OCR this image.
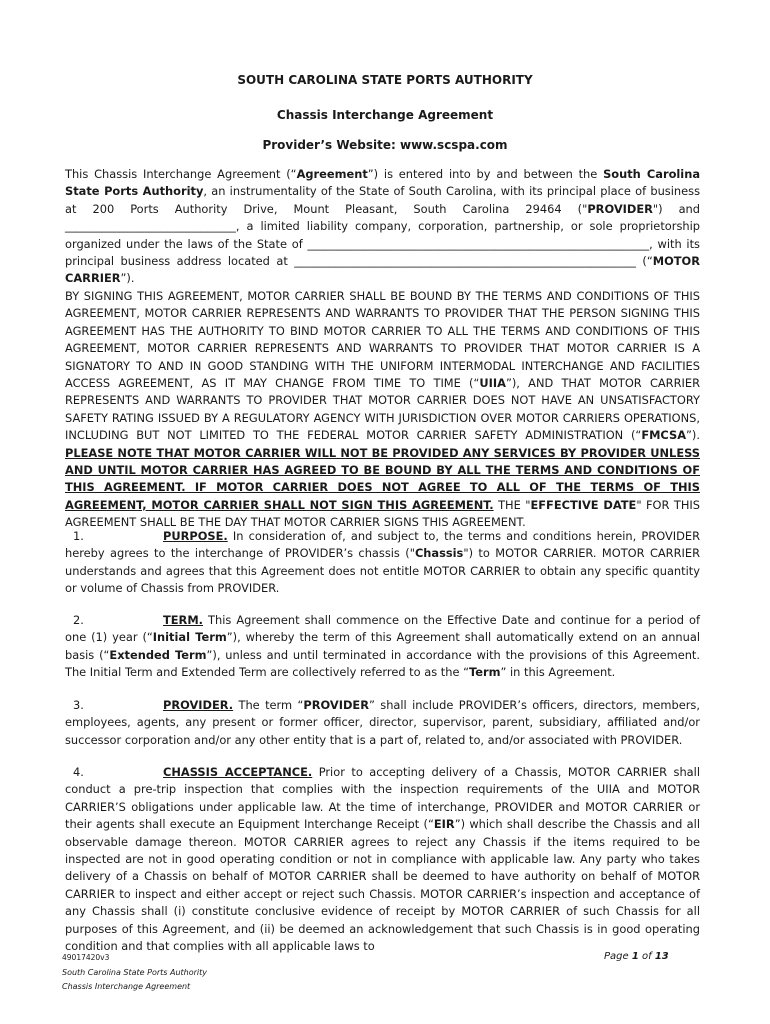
SOUTH CAROLINA STATE PORTS AUTHORITY
Chassis Interchange Agreement
Provider’s Website: www.scspa.com

This Chassis Interchange Agreement (“Agreement”) is entered into by and between the South Carolina State Ports Authority, an instrumentality of the State of South Carolina, with its principal place of business at 200 Ports Authority Drive, Mount Pleasant, South Carolina 29464 ("PROVIDER") and ______________________________, a limited liability company, corporation, partnership, or sole proprietorship organized under the laws of the State of ____________________________________________________________, with its principal business address located at ____________________________________________________________ (“MOTOR CARRIER”).

BY SIGNING THIS AGREEMENT, MOTOR CARRIER SHALL BE BOUND BY THE TERMS AND CONDITIONS OF THIS AGREEMENT, MOTOR CARRIER REPRESENTS AND WARRANTS TO PROVIDER THAT THE PERSON SIGNING THIS AGREEMENT HAS THE AUTHORITY TO BIND MOTOR CARRIER TO ALL THE TERMS AND CONDITIONS OF THIS AGREEMENT, MOTOR CARRIER REPRESENTS AND WARRANTS TO PROVIDER THAT MOTOR CARRIER IS A SIGNATORY TO AND IN GOOD STANDING WITH THE UNIFORM INTERMODAL INTERCHANGE AND FACILITIES ACCESS AGREEMENT, AS IT MAY CHANGE FROM TIME TO TIME (“UIIA”), AND THAT MOTOR CARRIER REPRESENTS AND WARRANTS TO PROVIDER THAT MOTOR CARRIER DOES NOT HAVE AN UNSATISFACTORY SAFETY RATING ISSUED BY A REGULATORY AGENCY WITH JURISDICTION OVER MOTOR CARRIERS OPERATIONS, INCLUDING BUT NOT LIMITED TO THE FEDERAL MOTOR CARRIER SAFETY ADMINISTRATION (“FMCSA”). PLEASE NOTE THAT MOTOR CARRIER WILL NOT BE PROVIDED ANY SERVICES BY PROVIDER UNLESS AND UNTIL MOTOR CARRIER HAS AGREED TO BE BOUND BY ALL THE TERMS AND CONDITIONS OF THIS AGREEMENT. IF MOTOR CARRIER DOES NOT AGREE TO ALL OF THE TERMS OF THIS AGREEMENT, MOTOR CARRIER SHALL NOT SIGN THIS AGREEMENT. THE "EFFECTIVE DATE" FOR THIS AGREEMENT SHALL BE THE DAY THAT MOTOR CARRIER SIGNS THIS AGREEMENT.

1.	PURPOSE. In consideration of, and subject to, the terms and conditions herein, PROVIDER hereby agrees to the interchange of PROVIDER’s chassis ("Chassis") to MOTOR CARRIER. MOTOR CARRIER understands and agrees that this Agreement does not entitle MOTOR CARRIER to obtain any specific quantity or volume of Chassis from PROVIDER.

2.	TERM. This Agreement shall commence on the Effective Date and continue for a period of one (1) year (“Initial Term”), whereby the term of this Agreement shall automatically extend on an annual basis (“Extended Term”), unless and until terminated in accordance with the provisions of this Agreement. The Initial Term and Extended Term are collectively referred to as the “Term” in this Agreement.

3.	PROVIDER. The term “PROVIDER” shall include PROVIDER’s officers, directors, members, employees, agents, any present or former officer, director, supervisor, parent, subsidiary, affiliated and/or successor corporation and/or any other entity that is a part of, related to, and/or associated with PROVIDER.

4.	CHASSIS ACCEPTANCE. Prior to accepting delivery of a Chassis, MOTOR CARRIER shall conduct a pre-trip inspection that complies with the inspection requirements of the UIIA and MOTOR CARRIER’S obligations under applicable law. At the time of interchange, PROVIDER and MOTOR CARRIER or their agents shall execute an Equipment Interchange Receipt (“EIR”) which shall describe the Chassis and all observable damage thereon. MOTOR CARRIER agrees to reject any Chassis if the items required to be inspected are not in good operating condition or not in compliance with applicable law. Any party who takes delivery of a Chassis on behalf of MOTOR CARRIER shall be deemed to have authority on behalf of MOTOR CARRIER to inspect and either accept or reject such Chassis. MOTOR CARRIER’s inspection and acceptance of any Chassis shall (i) constitute conclusive evidence of receipt by MOTOR CARRIER of such Chassis for all purposes of this Agreement, and (ii) be deemed an acknowledgement that such Chassis is in good operating condition and that complies with all applicable laws to

49017420v3	Page 1 of 13
South Carolina State Ports Authority
Chassis Interchange Agreement
